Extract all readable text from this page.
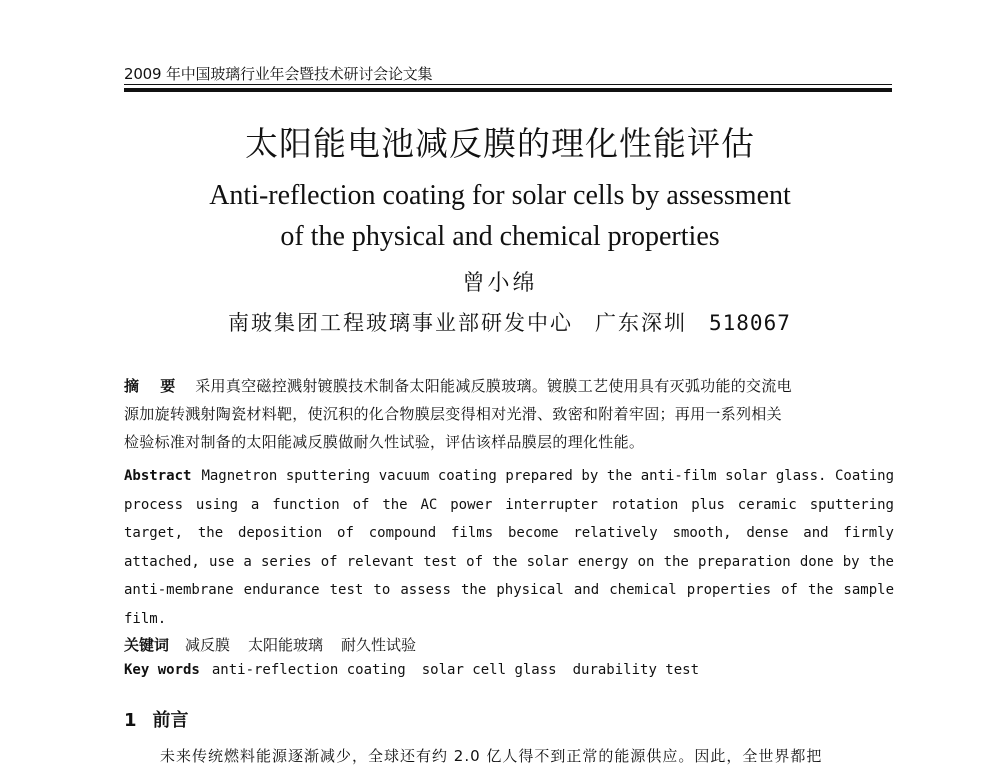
2009 年中国玻璃行业年会暨技术研讨会论文集
太阳能电池减反膜的理化性能评估
Anti-reflection coating for solar cells by assessment
of the physical and chemical properties
曾小绵
南玻集团工程玻璃事业部研发中心 广东深圳 518067
摘 要 采用真空磁控溅射镀膜技术制备太阳能减反膜玻璃。镀膜工艺使用具有灭弧功能的交流电
源加旋转溅射陶瓷材料靶，使沉积的化合物膜层变得相对光滑、致密和附着牢固；再用一系列相关
检验标准对制备的太阳能减反膜做耐久性试验，评估该样品膜层的理化性能。
Abstract Magnetron sputtering vacuum coating prepared by the anti-film solar glass. Coating process using a function of the AC power interrupter rotation plus ceramic sputtering target, the deposition of compound films become relatively smooth, dense and firmly attached, use a series of relevant test of the solar energy on the preparation done by the anti-membrane endurance test to assess the physical and chemical properties of the sample film.
关键词 减反膜 太阳能玻璃 耐久性试验
Key words anti-reflection coating solar cell glass durability test
1 前言
未来传统燃料能源逐渐减少，全球还有约 2.0 亿人得不到正常的能源供应。因此，全世界都把
